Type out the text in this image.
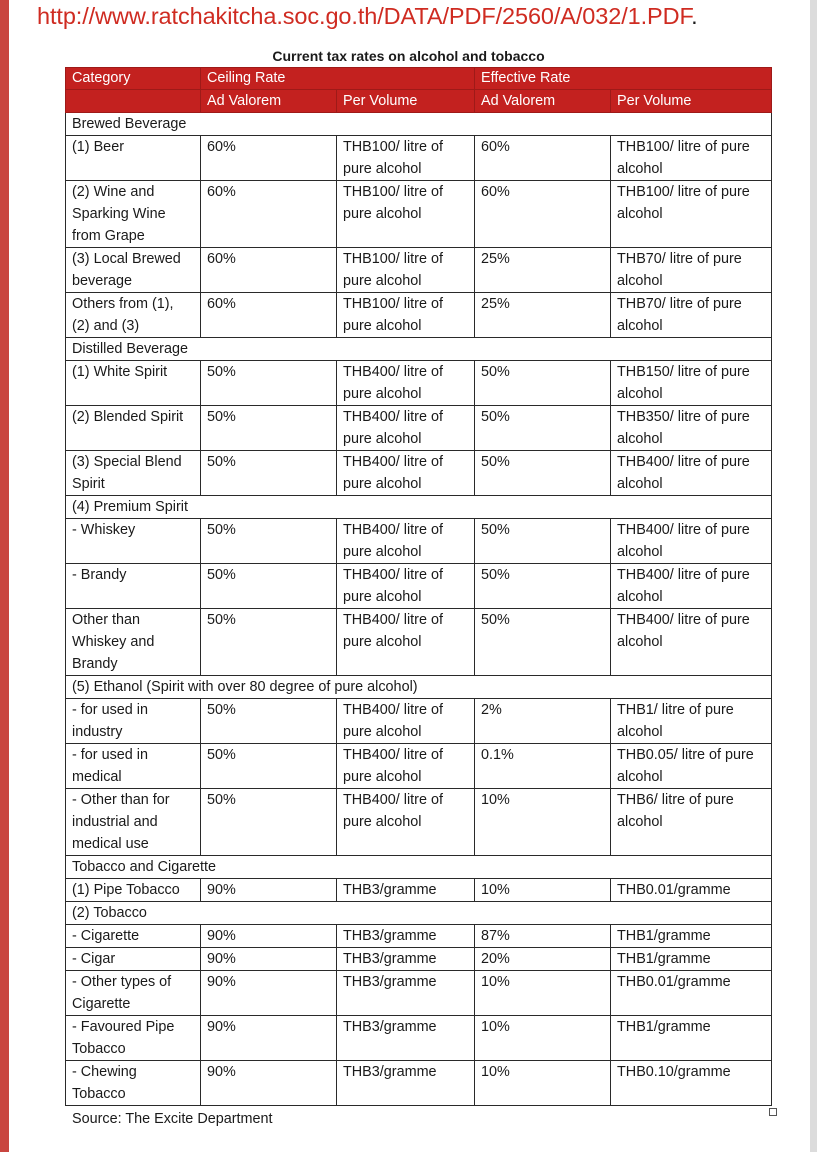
http://www.ratchakitcha.soc.go.th/DATA/PDF/2560/A/032/1.PDF.
Current tax rates on alcohol and tobacco
Category	Ceiling Rate		Effective Rate	
	Ad Valorem	Per Volume	Ad Valorem	Per Volume
Brewed Beverage				
(1) Beer	60%	THB100/ litre of pure alcohol	60%	THB100/ litre of pure alcohol
(2) Wine and Sparking Wine from Grape	60%	THB100/ litre of pure alcohol	60%	THB100/ litre of pure alcohol
(3) Local Brewed beverage	60%	THB100/ litre of pure alcohol	25%	THB70/ litre of pure alcohol
Others from (1), (2) and (3)	60%	THB100/ litre of pure alcohol	25%	THB70/ litre of pure alcohol
Distilled Beverage				
(1) White Spirit	50%	THB400/ litre of pure alcohol	50%	THB150/ litre of pure alcohol
(2) Blended Spirit	50%	THB400/ litre of pure alcohol	50%	THB350/ litre of pure alcohol
(3) Special Blend Spirit	50%	THB400/ litre of pure alcohol	50%	THB400/ litre of pure alcohol
(4) Premium Spirit				
- Whiskey	50%	THB400/ litre of pure alcohol	50%	THB400/ litre of pure alcohol
- Brandy	50%	THB400/ litre of pure alcohol	50%	THB400/ litre of pure alcohol
Other than Whiskey and Brandy	50%	THB400/ litre of pure alcohol	50%	THB400/ litre of pure alcohol
(5) Ethanol (Spirit with over 80 degree of pure alcohol)				
- for used in industry	50%	THB400/ litre of pure alcohol	2%	THB1/ litre of pure alcohol
- for used in medical	50%	THB400/ litre of pure alcohol	0.1%	THB0.05/ litre of pure alcohol
- Other than for industrial and medical use	50%	THB400/ litre of pure alcohol	10%	THB6/ litre of pure alcohol
Tobacco and Cigarette				
(1) Pipe Tobacco	90%	THB3/gramme	10%	THB0.01/gramme
(2) Tobacco				
- Cigarette	90%	THB3/gramme	87%	THB1/gramme
- Cigar	90%	THB3/gramme	20%	THB1/gramme
- Other types of Cigarette	90%	THB3/gramme	10%	THB0.01/gramme
- Favoured Pipe Tobacco	90%	THB3/gramme	10%	THB1/gramme
- Chewing Tobacco	90%	THB3/gramme	10%	THB0.10/gramme
Source: The Excite Department
